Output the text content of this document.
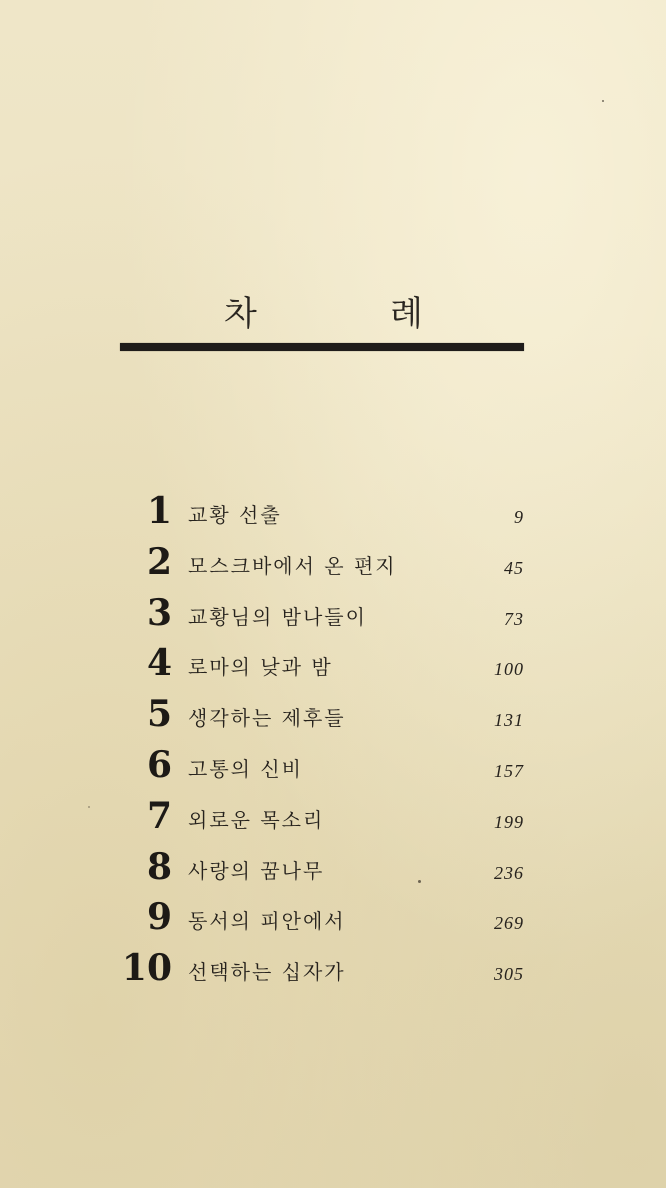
차	례
1 교황 선출	9
2 모스크바에서 온 편지	45
3 교황님의 밤나들이	73
4 로마의 낮과 밤	100
5 생각하는 제후들	131
6 고통의 신비	157
7 외로운 목소리	199
8 사랑의 꿈나무	236
9 동서의 피안에서	269
10 선택하는 십자가	305
